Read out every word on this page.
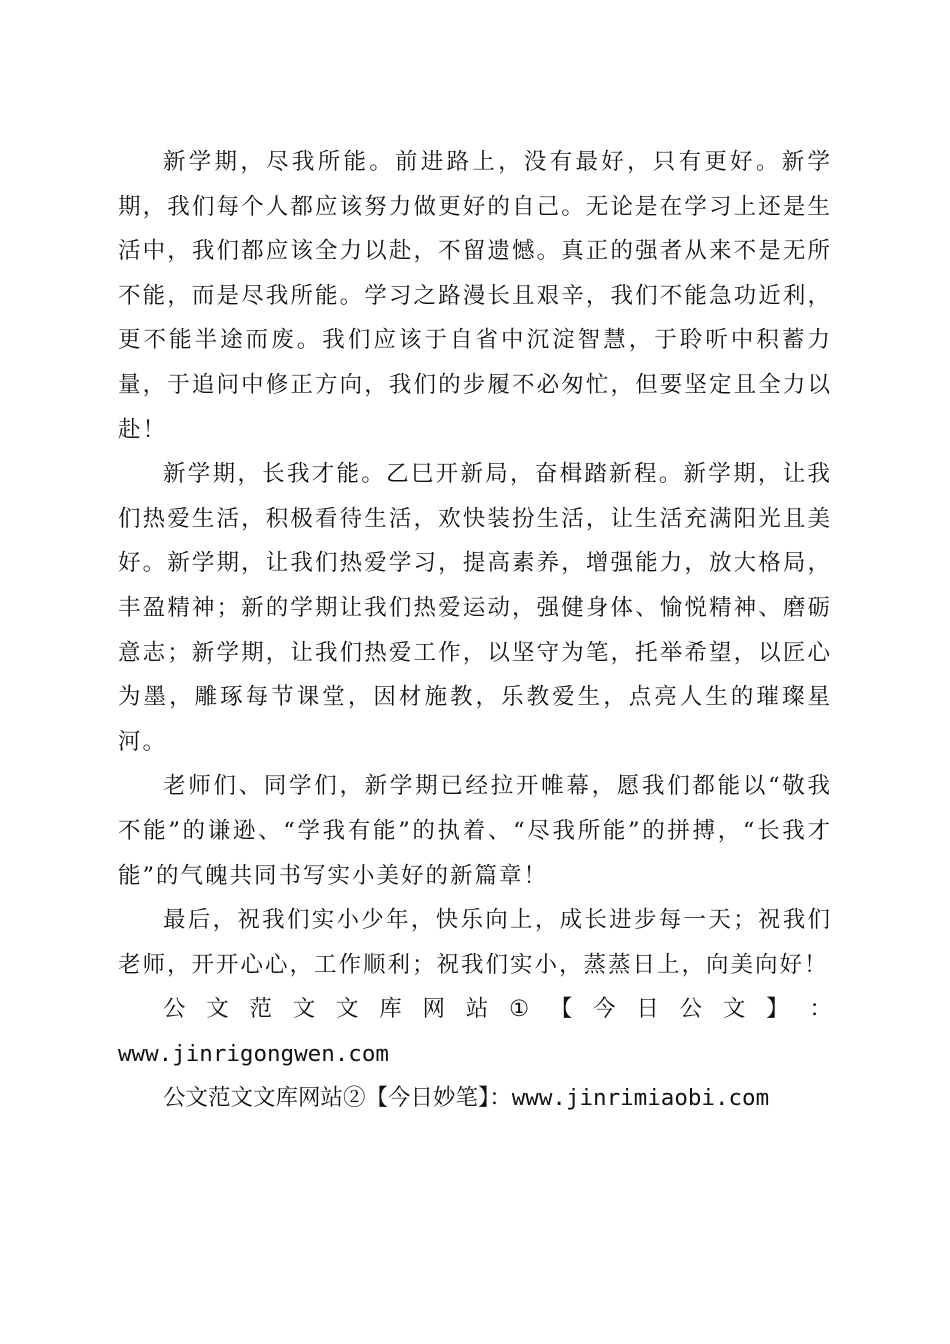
新学期，尽我所能。前进路上，没有最好，只有更好。新学期，我们每个人都应该努力做更好的自己。无论是在学习上还是生活中，我们都应该全力以赴，不留遗憾。真正的强者从来不是无所不能，而是尽我所能。学习之路漫长且艰辛，我们不能急功近利，更不能半途而废。我们应该于自省中沉淀智慧，于聆听中积蓄力量，于追问中修正方向，我们的步履不必匆忙，但要坚定且全力以赴！

新学期，长我才能。乙巳开新局，奋楫踏新程。新学期，让我们热爱生活，积极看待生活，欢快装扮生活，让生活充满阳光且美好。新学期，让我们热爱学习，提高素养，增强能力，放大格局，丰盈精神；新的学期让我们热爱运动，强健身体、愉悦精神、磨砺意志；新学期，让我们热爱工作，以坚守为笔，托举希望，以匠心为墨，雕琢每节课堂，因材施教，乐教爱生，点亮人生的璀璨星河。

老师们、同学们，新学期已经拉开帷幕，愿我们都能以“敬我不能”的谦逊、“学我有能”的执着、“尽我所能”的拼搏，“长我才能”的气魄共同书写实小美好的新篇章！

最后，祝我们实小少年，快乐向上，成长进步每一天；祝我们老师，开开心心，工作顺利；祝我们实小，蒸蒸日上，向美向好！

公 文 范 文 文 库 网 站 ① 【 今 日 公 文 】 ：
www.jinrigongwen.com

公文范文文库网站②【今日妙笔】：www.jinrimiaobi.com
